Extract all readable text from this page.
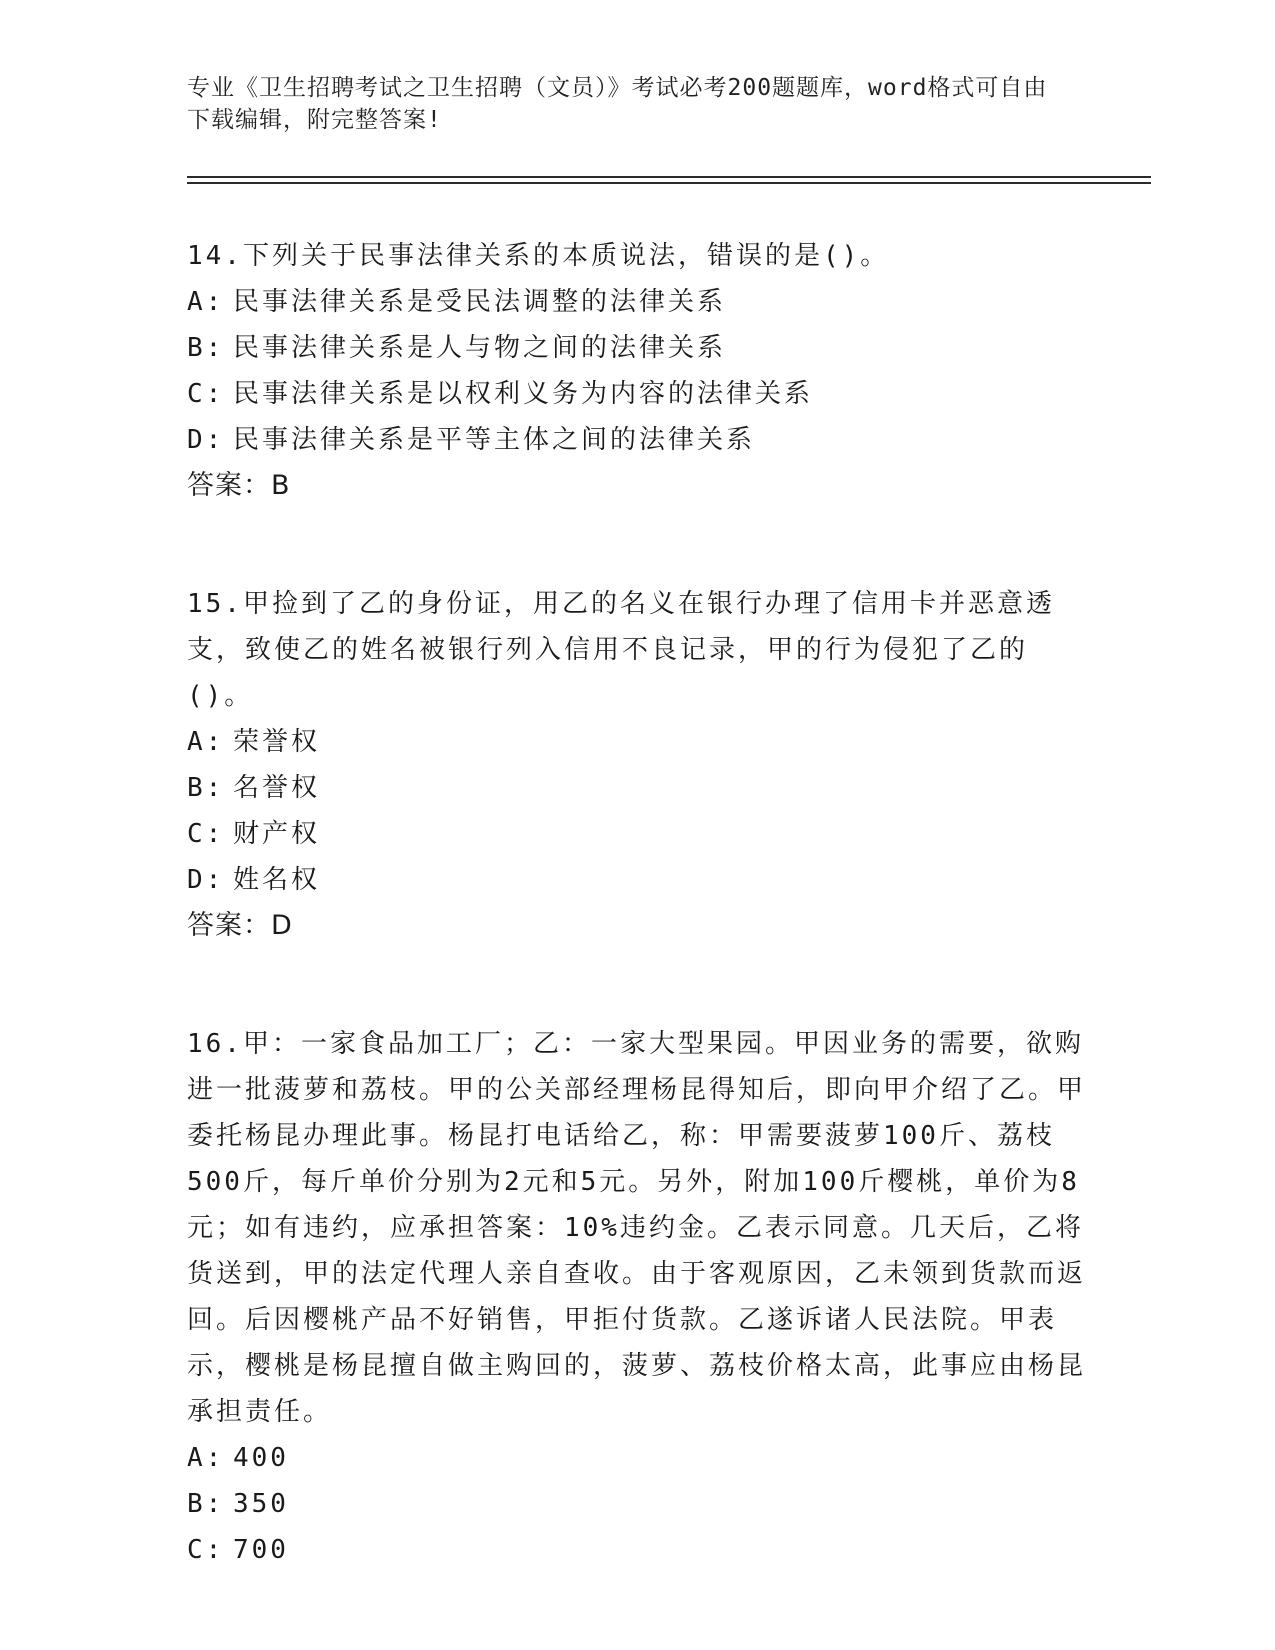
专业《卫生招聘考试之卫生招聘（文员）》考试必考200题题库，word格式可自由下载编辑，附完整答案!

14.下列关于民事法律关系的本质说法，错误的是()。

A: 民事法律关系是受民法调整的法律关系

B: 民事法律关系是人与物之间的法律关系

C: 民事法律关系是以权利义务为内容的法律关系

D: 民事法律关系是平等主体之间的法律关系

答案：B

15.甲捡到了乙的身份证，用乙的名义在银行办理了信用卡并恶意透支，致使乙的姓名被银行列入信用不良记录，甲的行为侵犯了乙的()。

A: 荣誉权

B: 名誉权

C: 财产权

D: 姓名权

答案：D

16.甲：一家食品加工厂；乙：一家大型果园。甲因业务的需要，欲购进一批菠萝和荔枝。甲的公关部经理杨昆得知后，即向甲介绍了乙。甲委托杨昆办理此事。杨昆打电话给乙，称：甲需要菠萝100斤、荔枝500斤，每斤单价分别为2元和5元。另外，附加100斤樱桃，单价为8元；如有违约，应承担答案：10%违约金。乙表示同意。几天后，乙将货送到，甲的法定代理人亲自查收。由于客观原因，乙未领到货款而返回。后因樱桃产品不好销售，甲拒付货款。乙遂诉诸人民法院。甲表示，樱桃是杨昆擅自做主购回的，菠萝、荔枝价格太高，此事应由杨昆承担责任。

A: 400

B: 350

C: 700
